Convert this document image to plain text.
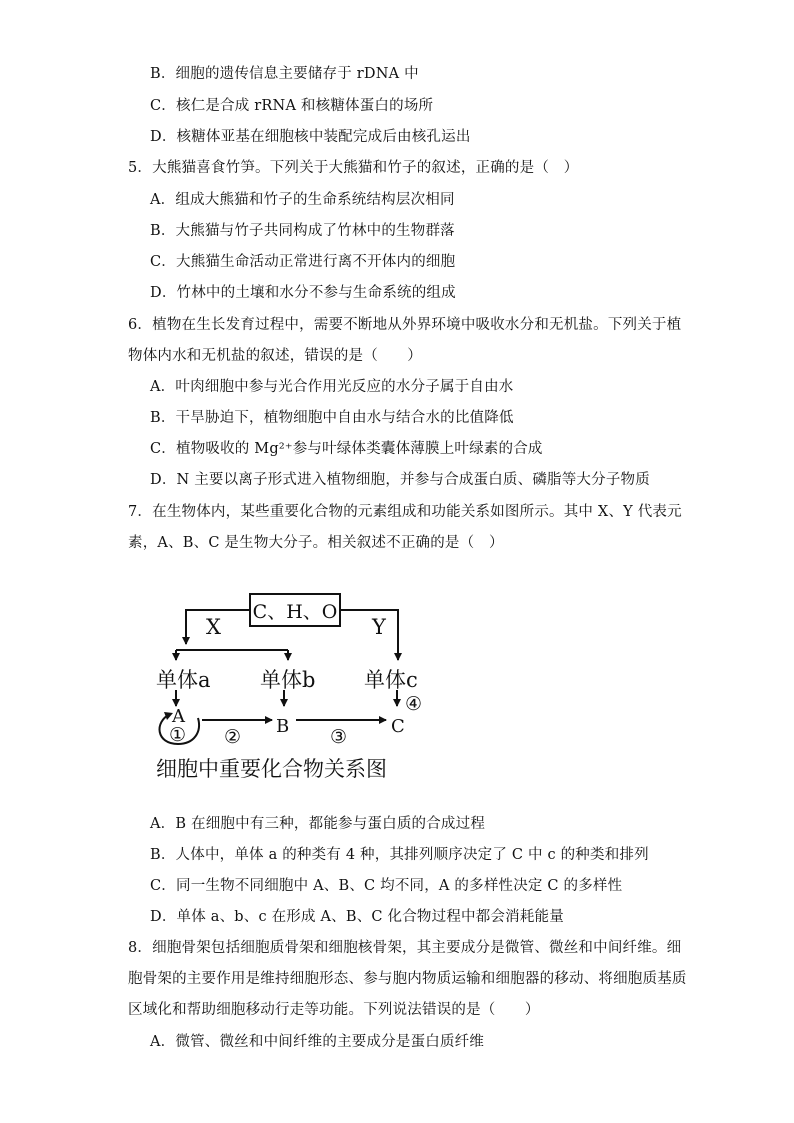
B．细胞的遗传信息主要储存于 rDNA 中
C．核仁是合成 rRNA 和核糖体蛋白的场所
D．核糖体亚基在细胞核中装配完成后由核孔运出
5．大熊猫喜食竹笋。下列关于大熊猫和竹子的叙述，正确的是（　）
A．组成大熊猫和竹子的生命系统结构层次相同
B．大熊猫与竹子共同构成了竹林中的生物群落
C．大熊猫生命活动正常进行离不开体内的细胞
D．竹林中的土壤和水分不参与生命系统的组成
6．植物在生长发育过程中，需要不断地从外界环境中吸收水分和无机盐。下列关于植
物体内水和无机盐的叙述，错误的是（　　）
A．叶肉细胞中参与光合作用光反应的水分子属于自由水
B．干旱胁迫下，植物细胞中自由水与结合水的比值降低
C．植物吸收的 Mg²⁺参与叶绿体类囊体薄膜上叶绿素的合成
D．N 主要以离子形式进入植物细胞，并参与合成蛋白质、磷脂等大分子物质
7．在生物体内，某些重要化合物的元素组成和功能关系如图所示。其中 X、Y 代表元
素，A、B、C 是生物大分子。相关叙述不正确的是（　）
C、H、O
X	Y
单体a 单体b 单体c
A	B	C
① ②	③
④
细胞中重要化合物关系图
A．B 在细胞中有三种，都能参与蛋白质的合成过程
B．人体中，单体 a 的种类有 4 种，其排列顺序决定了 C 中 c 的种类和排列
C．同一生物不同细胞中 A、B、C 均不同，A 的多样性决定 C 的多样性
D．单体 a、b、c 在形成 A、B、C 化合物过程中都会消耗能量
8．细胞骨架包括细胞质骨架和细胞核骨架，其主要成分是微管、微丝和中间纤维。细
胞骨架的主要作用是维持细胞形态、参与胞内物质运输和细胞器的移动、将细胞质基质
区域化和帮助细胞移动行走等功能。下列说法错误的是（　　）
A．微管、微丝和中间纤维的主要成分是蛋白质纤维
